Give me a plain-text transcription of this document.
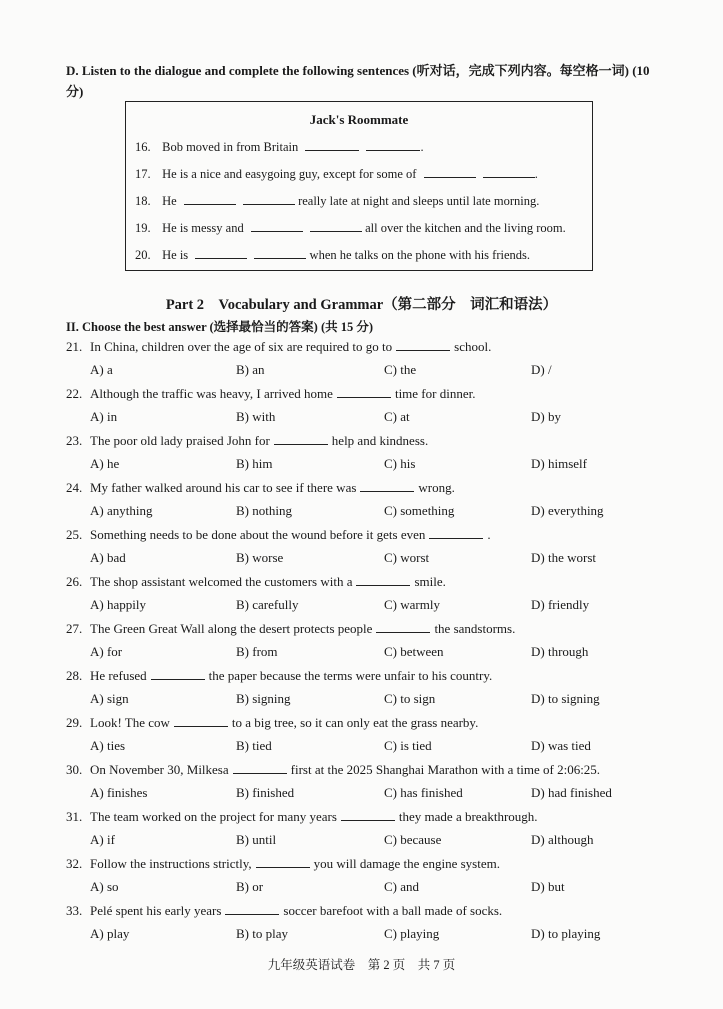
D. Listen to the dialogue and complete the following sentences (听对话，完成下列内容。每空格一词) (10 分)
Jack's Roommate
16. Bob moved in from Britain	.
17. He is a nice and easygoing guy, except for some of	.
18. He	really late at night and sleeps until late morning.
19. He is messy and	all over the kitchen and the living room.
20. He is	when he talks on the phone with his friends.
Part 2　Vocabulary and Grammar（第二部分　词汇和语法）
II. Choose the best answer (选择最恰当的答案) (共 15 分)
21. In China, children over the age of six are required to go to	school.
A) a	B) an	C) the	D) /
22. Although the traffic was heavy, I arrived home	time for dinner.
A) in	B) with	C) at	D) by
23. The poor old lady praised John for	help and kindness.
A) he	B) him	C) his	D) himself
24. My father walked around his car to see if there was	wrong.
A) anything	B) nothing	C) something	D) everything
25. Something needs to be done about the wound before it gets even	.
A) bad	B) worse	C) worst	D) the worst
26. The shop assistant welcomed the customers with a	smile.
A) happily	B) carefully	C) warmly	D) friendly
27. The Green Great Wall along the desert protects people	the sandstorms.
A) for	B) from	C) between	D) through
28. He refused	the paper because the terms were unfair to his country.
A) sign	B) signing	C) to sign	D) to signing
29. Look! The cow	to a big tree, so it can only eat the grass nearby.
A) ties	B) tied	C) is tied	D) was tied
30. On November 30, Milkesa	first at the 2025 Shanghai Marathon with a time of 2:06:25.
A) finishes	B) finished	C) has finished	D) had finished
31. The team worked on the project for many years	they made a breakthrough.
A) if	B) until	C) because	D) although
32. Follow the instructions strictly,	you will damage the engine system.
A) so	B) or	C) and	D) but
33. Pelé spent his early years	soccer barefoot with a ball made of socks.
A) play	B) to play	C) playing	D) to playing
九年级英语试卷　第 2 页　共 7 页
